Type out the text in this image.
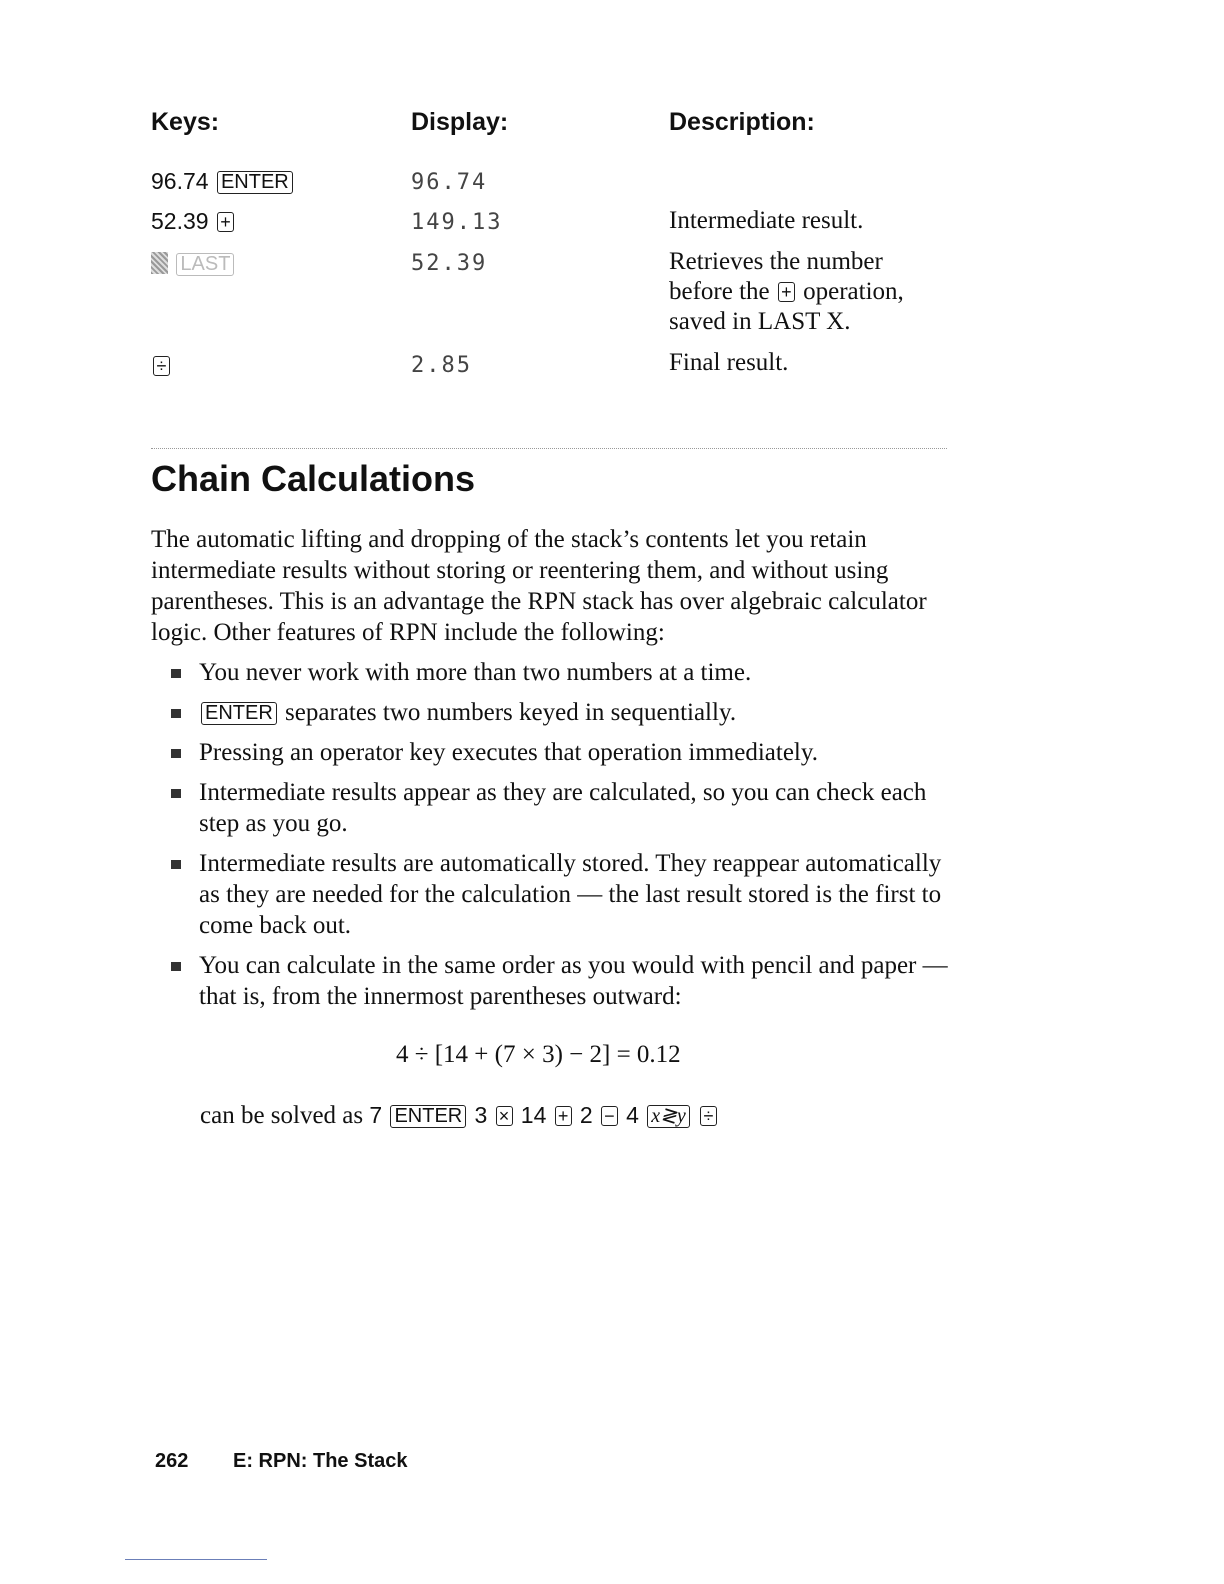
Keys:	Display:	Description:
96.74 ENTER	96.74
52.39 +	149.13	Intermediate result.
LAST	52.39	Retrieves the number
before the + operation,
saved in LAST X.
÷	2.85	Final result.
Chain Calculations

The automatic lifting and dropping of the stack’s contents let you retain intermediate results without storing or reentering them, and without using parentheses. This is an advantage the RPN stack has over algebraic calculator logic. Other features of RPN include the following:

You never work with more than two numbers at a time.
ENTER separates two numbers keyed in sequentially.
Pressing an operator key executes that operation immediately.
Intermediate results appear as they are calculated, so you can check each step as you go.
Intermediate results are automatically stored. They reappear automatically as they are needed for the calculation — the last result stored is the first to come back out.
You can calculate in the same order as you would with pencil and paper — that is, from the innermost parentheses outward:
4 ÷ [14 + (7 × 3) − 2] = 0.12
can be solved as 7 ENTER 3 × 14 + 2 − 4 x≷y ÷
262 E: RPN: The Stack
